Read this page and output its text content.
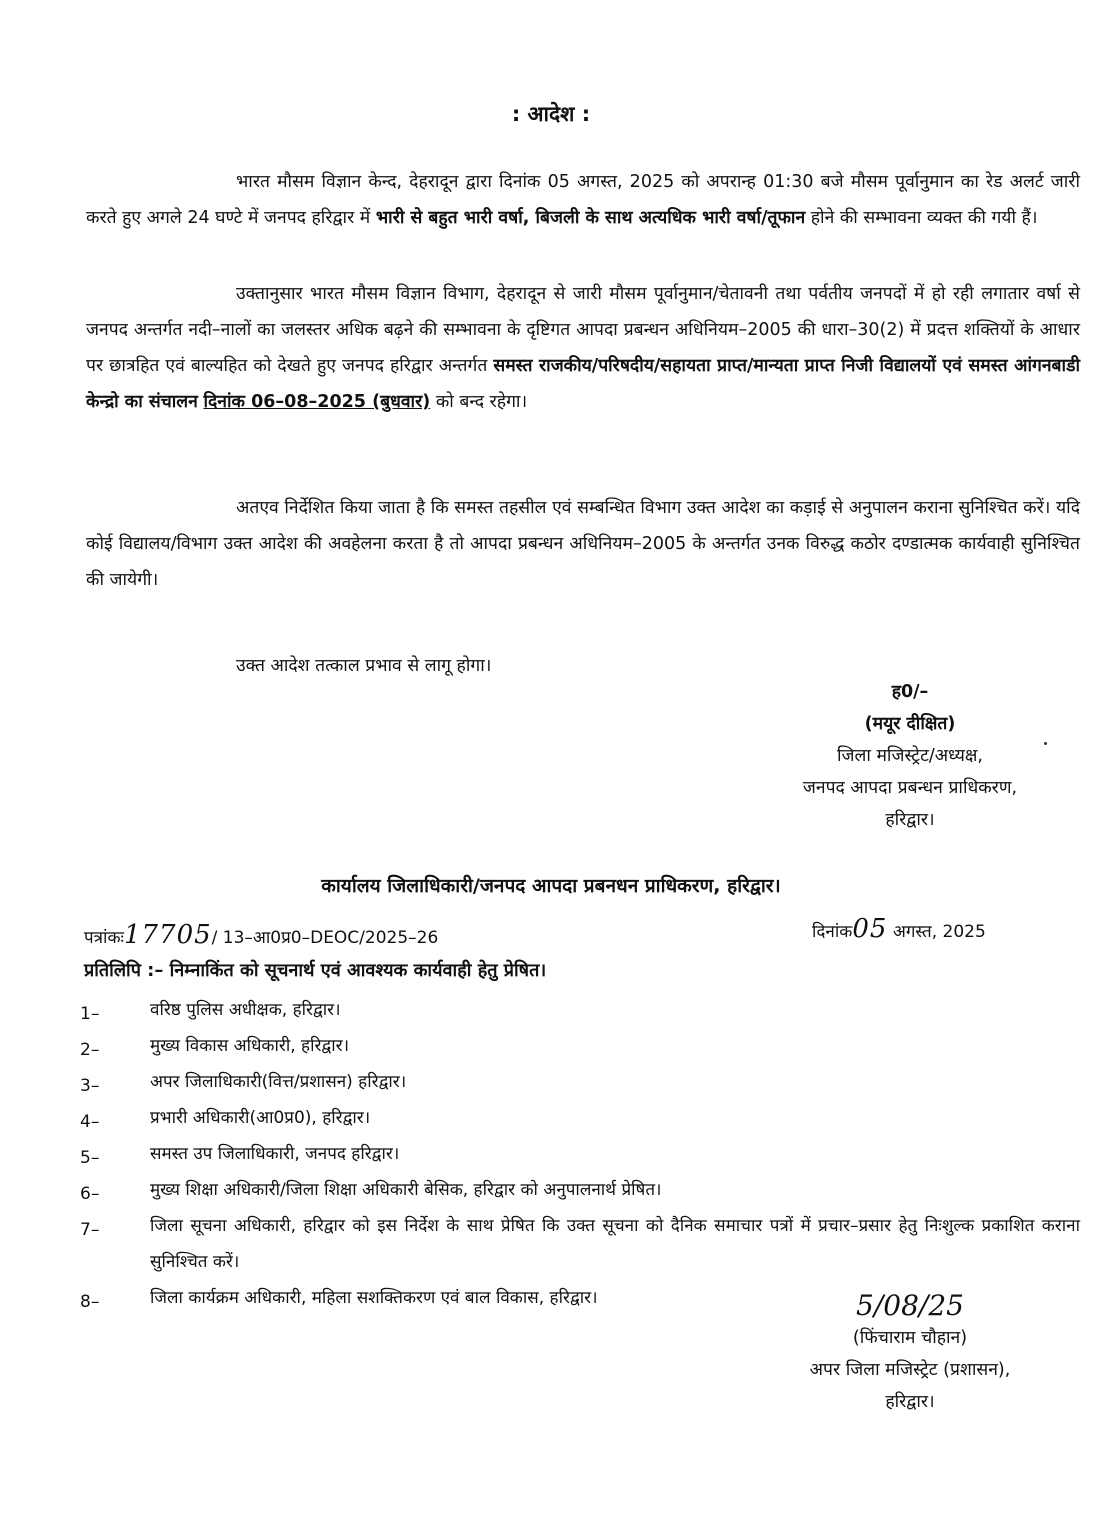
: आदेश :
भारत मौसम विज्ञान केन्द, देहरादून द्वारा दिनांक 05 अगस्त, 2025 को अपरान्ह 01:30 बजे मौसम पूर्वानुमान का रेड अलर्ट जारी करते हुए अगले 24 घण्टे में जनपद हरिद्वार में भारी से बहुत भारी वर्षा, बिजली के साथ अत्यधिक भारी वर्षा/तूफान होने की सम्भावना व्यक्त की गयी हैं।
उक्तानुसार भारत मौसम विज्ञान विभाग, देहरादून से जारी मौसम पूर्वानुमान/चेतावनी तथा पर्वतीय जनपदों में हो रही लगातार वर्षा से जनपद अन्तर्गत नदी–नालों का जलस्तर अधिक बढ़ने की सम्भावना के दृष्टिगत आपदा प्रबन्धन अधिनियम–2005 की धारा–30(2) में प्रदत्त शक्तियों के आधार पर छात्रहित एवं बाल्यहित को देखते हुए जनपद हरिद्वार अन्तर्गत समस्त राजकीय/परिषदीय/सहायता प्राप्त/मान्यता प्राप्त निजी विद्यालयों एवं समस्त आंगनबाडी केन्द्रो का संचालन दिनांक 06–08–2025 (बुधवार) को बन्द रहेगा।
अतएव निर्देशित किया जाता है कि समस्त तहसील एवं सम्बन्धित विभाग उक्त आदेश का कड़ाई से अनुपालन कराना सुनिश्चित करें। यदि कोई विद्यालय/विभाग उक्त आदेश की अवहेलना करता है तो आपदा प्रबन्धन अधिनियम–2005 के अन्तर्गत उनक विरुद्ध कठोर दण्डात्मक कार्यवाही सुनिश्चित की जायेगी।
उक्त आदेश तत्काल प्रभाव से लागू होगा।
ह0/–
(मयूर दीक्षित)
जिला मजिस्ट्रेट/अध्यक्ष,
जनपद आपदा प्रबन्धन प्राधिकरण,
हरिद्वार।
कार्यालय जिलाधिकारी/जनपद आपदा प्रबनधन प्राधिकरण, हरिद्वार।
पत्रांकः17705/ 13–आ0प्र0–DEOC/2025–26	दिनांक05 अगस्त, 2025
प्रतिलिपि :– निम्नाकिंत को सूचनार्थ एवं आवश्यक कार्यवाही हेतु प्रेषित।
1–	वरिष्ठ पुलिस अधीक्षक, हरिद्वार।
2–	मुख्य विकास अधिकारी, हरिद्वार।
3–	अपर जिलाधिकारी(वित्त/प्रशासन) हरिद्वार।
4–	प्रभारी अधिकारी(आ0प्र0), हरिद्वार।
5–	समस्त उप जिलाधिकारी, जनपद हरिद्वार।
6–	मुख्य शिक्षा अधिकारी/जिला शिक्षा अधिकारी बेसिक, हरिद्वार को अनुपालनार्थ प्रेषित।
7–	जिला सूचना अधिकारी, हरिद्वार को इस निर्देश के साथ प्रेषित कि उक्त सूचना को दैनिक समाचार पत्रों में प्रचार–प्रसार हेतु निःशुल्क प्रकाशित कराना सुनिश्चित करें।
8–	जिला कार्यक्रम अधिकारी, महिला सशक्तिकरण एवं बाल विकास, हरिद्वार।	5/08/25
(फिंचाराम चौहान)
अपर जिला मजिस्ट्रेट (प्रशासन),
हरिद्वार।
